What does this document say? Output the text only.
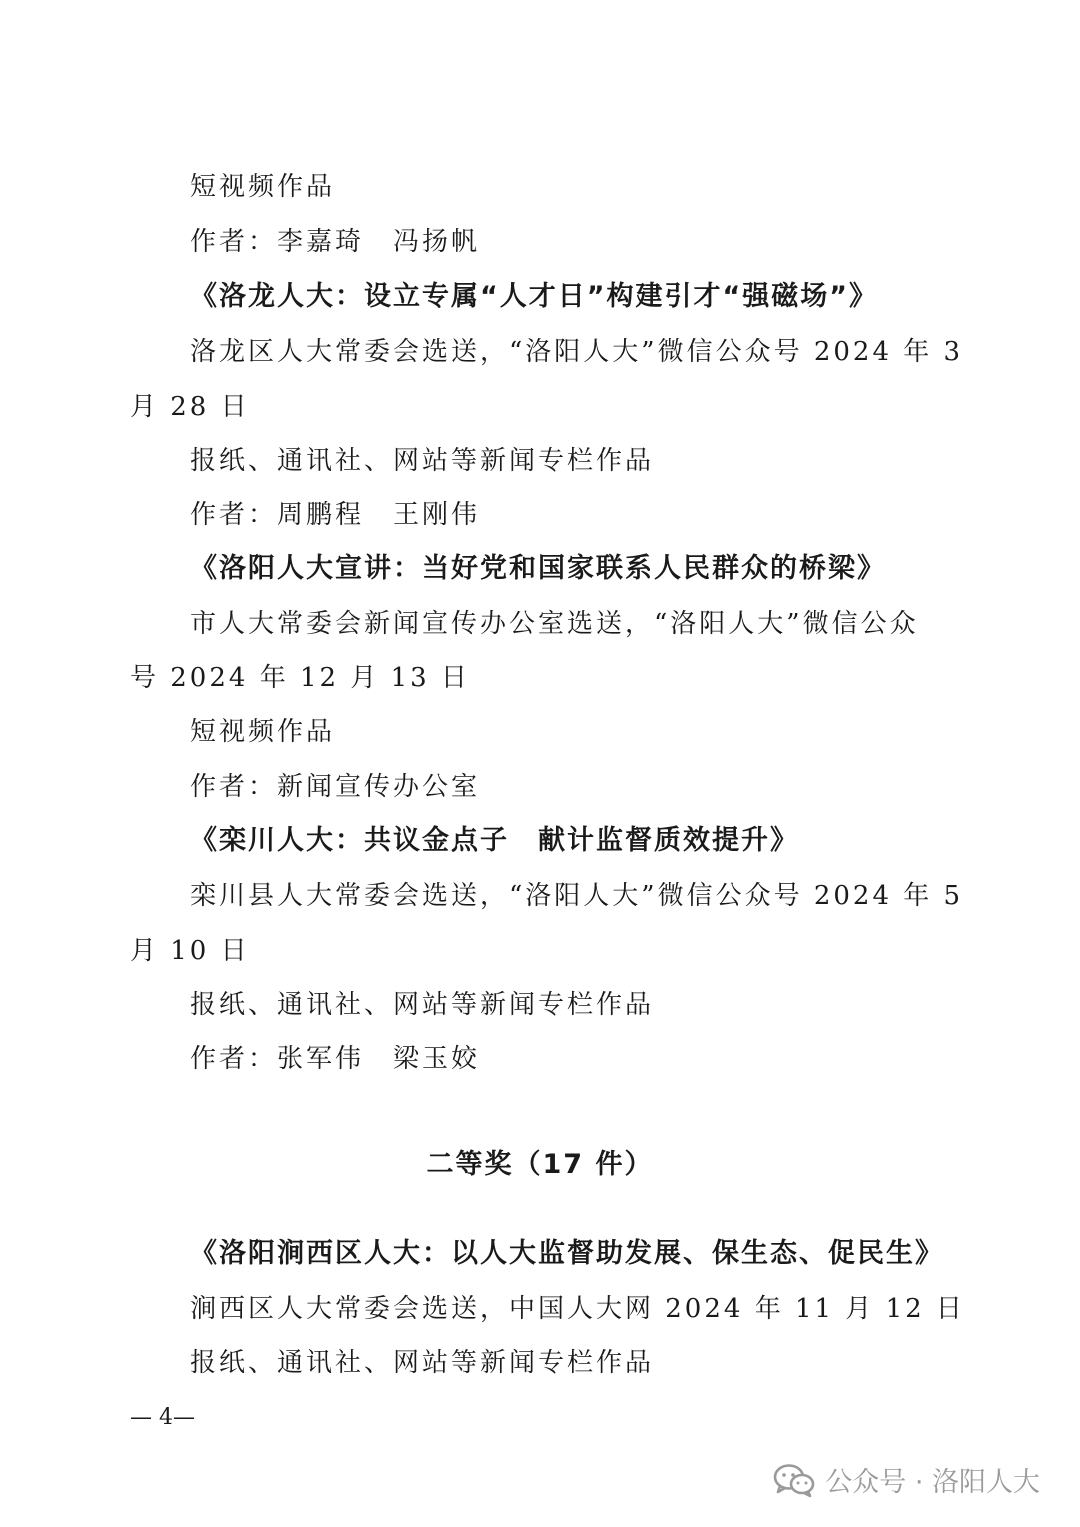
短视频作品
作者：李嘉琦　冯扬帆
《洛龙人大：设立专属“人才日”构建引才“强磁场”》
洛龙区人大常委会选送，“洛阳人大”微信公众号 2024 年 3
月 28 日
报纸、通讯社、网站等新闻专栏作品
作者：周鹏程　王刚伟
《洛阳人大宣讲：当好党和国家联系人民群众的桥梁》
市人大常委会新闻宣传办公室选送，“洛阳人大”微信公众
号 2024 年 12 月 13 日
短视频作品
作者：新闻宣传办公室
《栾川人大：共议金点子　献计监督质效提升》
栾川县人大常委会选送，“洛阳人大”微信公众号 2024 年 5
月 10 日
报纸、通讯社、网站等新闻专栏作品
作者：张军伟　梁玉姣
二等奖（17 件）
《洛阳涧西区人大：以人大监督助发展、保生态、促民生》
涧西区人大常委会选送，中国人大网 2024 年 11 月 12 日
报纸、通讯社、网站等新闻专栏作品
— 4—
公众号 · 洛阳人大
